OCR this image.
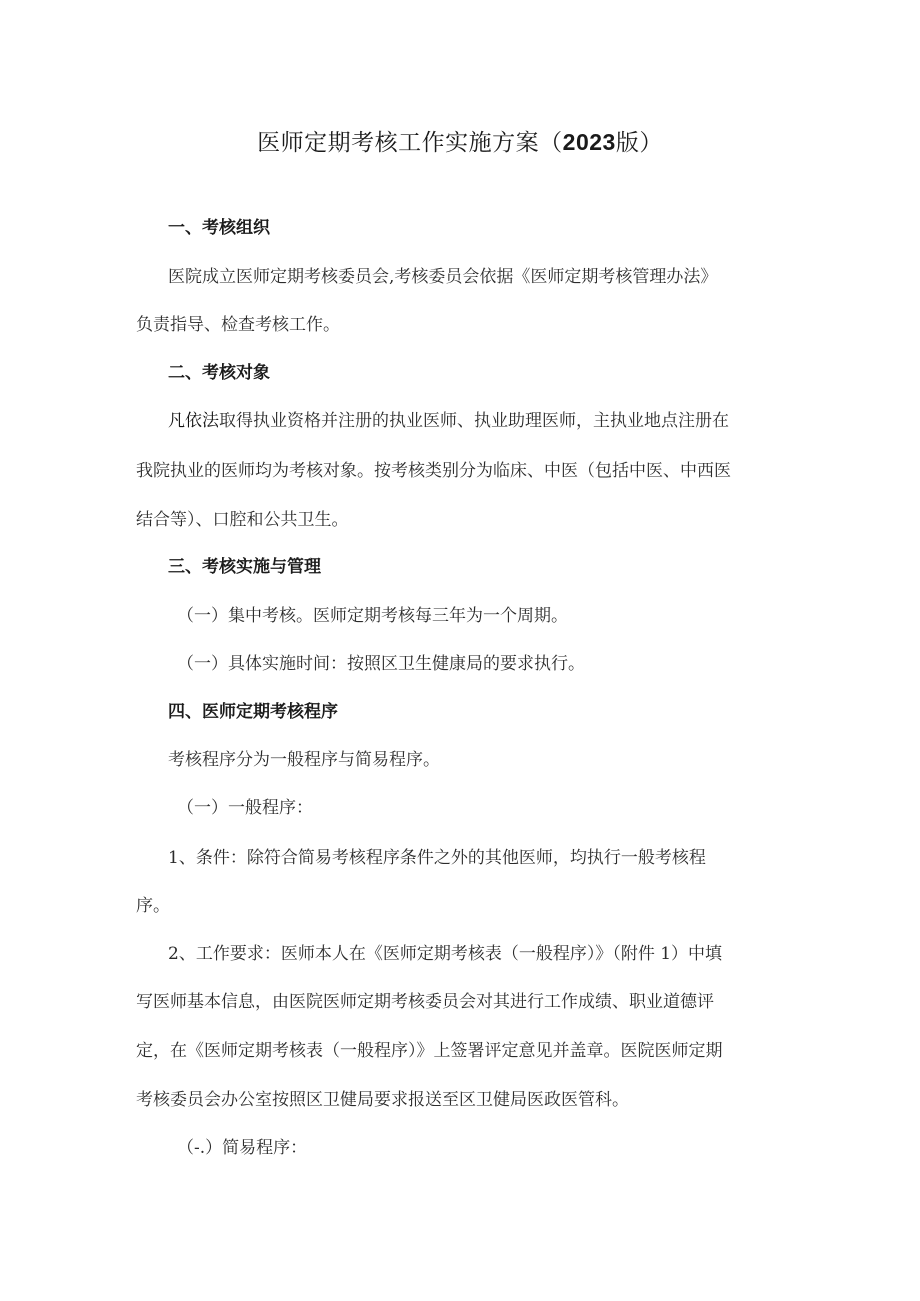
医师定期考核工作实施方案（2023版）
一、考核组织
医院成立医师定期考核委员会,考核委员会依据《医师定期考核管理办法》
负责指导、检查考核工作。
二、考核对象
凡依法取得执业资格并注册的执业医师、执业助理医师，主执业地点注册在
我院执业的医师均为考核对象。按考核类别分为临床、中医（包括中医、中西医
结合等）、口腔和公共卫生。
三、考核实施与管理
（一）集中考核。医师定期考核每三年为一个周期。
（一）具体实施时间：按照区卫生健康局的要求执行。
四、医师定期考核程序
考核程序分为一般程序与简易程序。
（一）一般程序：
1、条件：除符合简易考核程序条件之外的其他医师，均执行一般考核程
序。
2、工作要求：医师本人在《医师定期考核表（一般程序）》（附件 1）中填
写医师基本信息，由医院医师定期考核委员会对其进行工作成绩、职业道德评
定，在《医师定期考核表（一般程序）》上签署评定意见并盖章。医院医师定期
考核委员会办公室按照区卫健局要求报送至区卫健局医政医管科。
（-.）简易程序：
